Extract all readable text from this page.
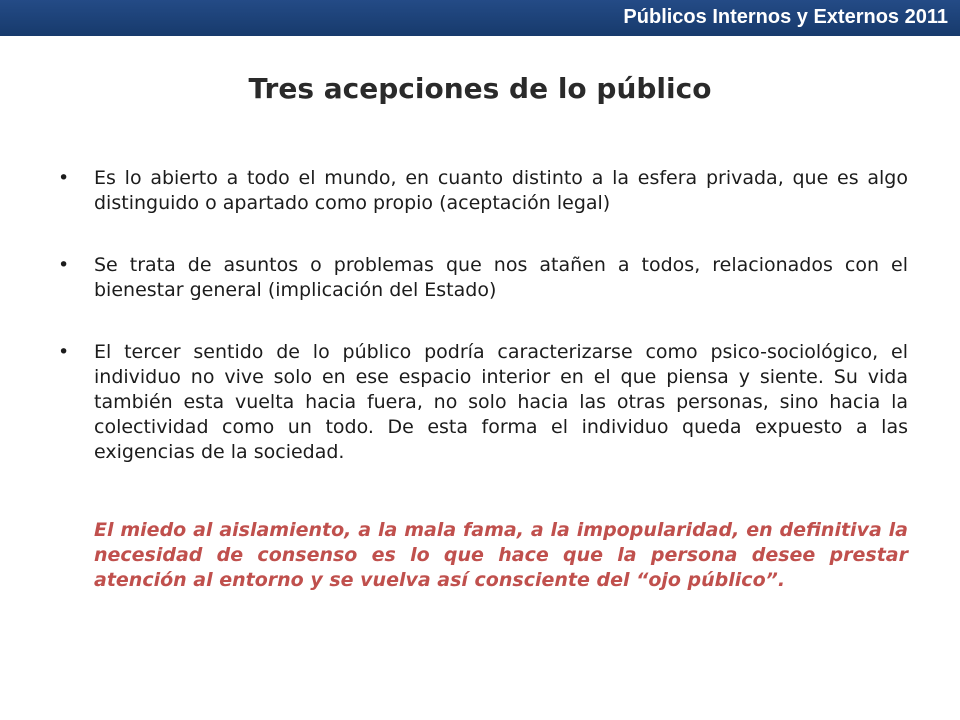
Públicos Internos y Externos 2011
Tres acepciones de lo público
• Es lo abierto a todo el mundo, en cuanto distinto a la esfera privada, que es algo distinguido o apartado como propio (aceptación legal)
• Se trata de asuntos o problemas que nos atañen a todos, relacionados con el bienestar general (implicación del Estado)
• El tercer sentido de lo público podría caracterizarse como psico-sociológico, el individuo no vive solo en ese espacio interior en el que piensa y siente. Su vida también esta vuelta hacia fuera, no solo hacia las otras personas, sino hacia la colectividad como un todo. De esta forma el individuo queda expuesto a las exigencias de la sociedad.
El miedo al aislamiento, a la mala fama, a la impopularidad, en definitiva la necesidad de consenso es lo que hace que la persona desee prestar atención al entorno y se vuelva así consciente del “ojo público”.
